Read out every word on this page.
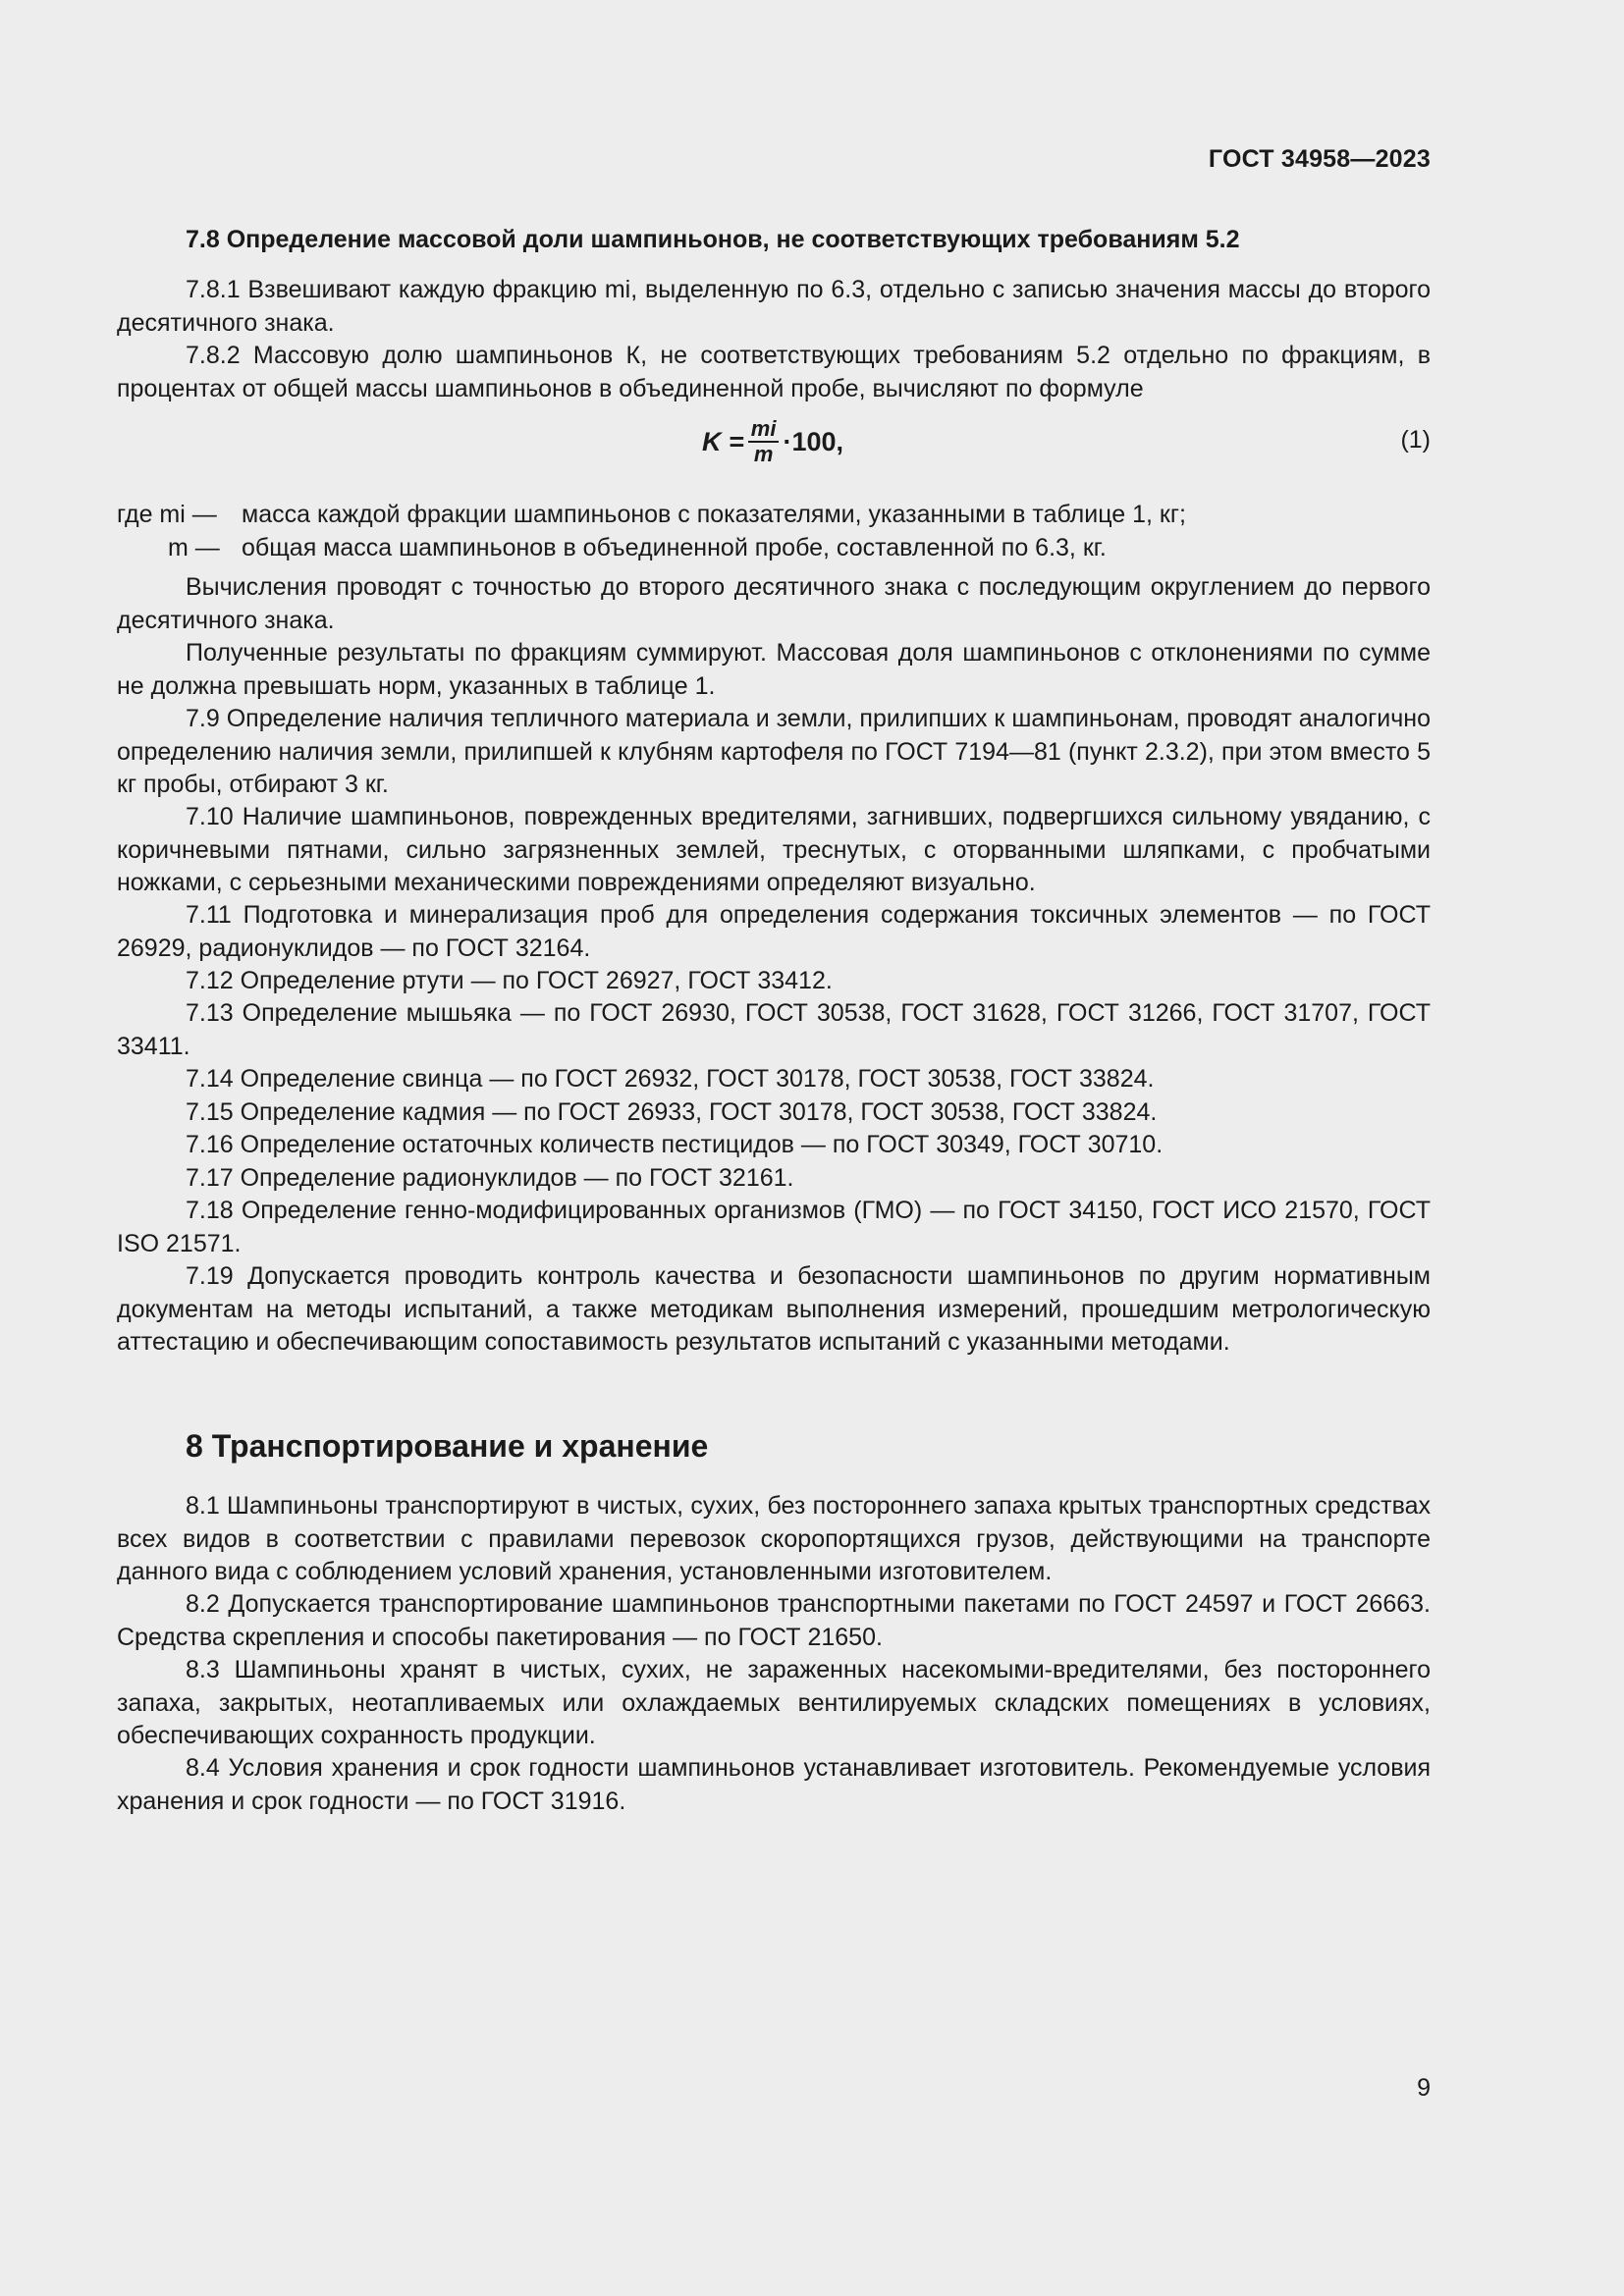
ГОСТ 34958—2023
7.8 Определение массовой доли шампиньонов, не соответствующих требованиям 5.2

7.8.1 Взвешивают каждую фракцию mi, выделенную по 6.3, отдельно с записью значения массы до второго десятичного знака.

7.8.2 Массовую долю шампиньонов К, не соответствующих требованиям 5.2 отдельно по фракциям, в процентах от общей массы шампиньонов в объединенной пробе, вычисляют по формуле

$K = \frac{mi}{m} \cdot 100$,	(1)
где mi — масса каждой фракции шампиньонов с показателями, указанными в таблице 1, кг;
m — общая масса шампиньонов в объединенной пробе, составленной по 6.3, кг.

Вычисления проводят с точностью до второго десятичного знака с последующим округлением до первого десятичного знака.

Полученные результаты по фракциям суммируют. Массовая доля шампиньонов с отклонениями по сумме не должна превышать норм, указанных в таблице 1.

7.9 Определение наличия тепличного материала и земли, прилипших к шампиньонам, проводят аналогично определению наличия земли, прилипшей к клубням картофеля по ГОСТ 7194—81 (пункт 2.3.2), при этом вместо 5 кг пробы, отбирают 3 кг.

7.10 Наличие шампиньонов, поврежденных вредителями, загнивших, подвергшихся сильному увяданию, с коричневыми пятнами, сильно загрязненных землей, треснутых, с оторванными шляпками, с пробчатыми ножками, с серьезными механическими повреждениями определяют визуально.

7.11 Подготовка и минерализация проб для определения содержания токсичных элементов — по ГОСТ 26929, радионуклидов — по ГОСТ 32164.

7.12 Определение ртути — по ГОСТ 26927, ГОСТ 33412.

7.13 Определение мышьяка — по ГОСТ 26930, ГОСТ 30538, ГОСТ 31628, ГОСТ 31266, ГОСТ 31707, ГОСТ 33411.

7.14 Определение свинца — по ГОСТ 26932, ГОСТ 30178, ГОСТ 30538, ГОСТ 33824.

7.15 Определение кадмия — по ГОСТ 26933, ГОСТ 30178, ГОСТ 30538, ГОСТ 33824.

7.16 Определение остаточных количеств пестицидов — по ГОСТ 30349, ГОСТ 30710.

7.17 Определение радионуклидов — по ГОСТ 32161.

7.18 Определение генно-модифицированных организмов (ГМО) — по ГОСТ 34150, ГОСТ ИСО 21570, ГОСТ ISO 21571.

7.19 Допускается проводить контроль качества и безопасности шампиньонов по другим нормативным документам на методы испытаний, а также методикам выполнения измерений, прошедшим метрологическую аттестацию и обеспечивающим сопоставимость результатов испытаний с указанными методами.

8 Транспортирование и хранение

8.1 Шампиньоны транспортируют в чистых, сухих, без постороннего запаха крытых транспортных средствах всех видов в соответствии с правилами перевозок скоропортящихся грузов, действующими на транспорте данного вида с соблюдением условий хранения, установленными изготовителем.

8.2 Допускается транспортирование шампиньонов транспортными пакетами по ГОСТ 24597 и ГОСТ 26663. Средства скрепления и способы пакетирования — по ГОСТ 21650.

8.3 Шампиньоны хранят в чистых, сухих, не зараженных насекомыми-вредителями, без постороннего запаха, закрытых, неотапливаемых или охлаждаемых вентилируемых складских помещениях в условиях, обеспечивающих сохранность продукции.

8.4 Условия хранения и срок годности шампиньонов устанавливает изготовитель. Рекомендуемые условия хранения и срок годности — по ГОСТ 31916.

9
